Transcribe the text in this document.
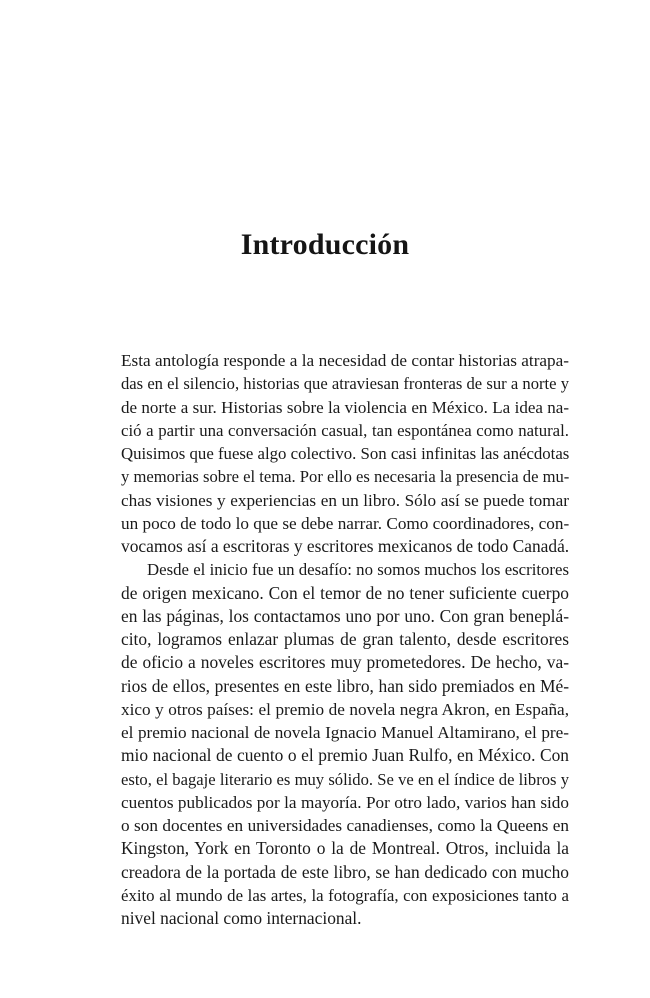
Introducción
Esta antología responde a la necesidad de contar historias atrapa-
das en el silencio, historias que atraviesan fronteras de sur a norte y
de norte a sur. Historias sobre la violencia en México. La idea na-
ció a partir una conversación casual, tan espontánea como natural.
Quisimos que fuese algo colectivo. Son casi infinitas las anécdotas
y memorias sobre el tema. Por ello es necesaria la presencia de mu-
chas visiones y experiencias en un libro. Sólo así se puede tomar
un poco de todo lo que se debe narrar. Como coordinadores, con-
vocamos así a escritoras y escritores mexicanos de todo Canadá.
Desde el inicio fue un desafío: no somos muchos los escritores
de origen mexicano. Con el temor de no tener suficiente cuerpo
en las páginas, los contactamos uno por uno. Con gran beneplá-
cito, logramos enlazar plumas de gran talento, desde escritores
de oficio a noveles escritores muy prometedores. De hecho, va-
rios de ellos, presentes en este libro, han sido premiados en Mé-
xico y otros países: el premio de novela negra Akron, en España,
el premio nacional de novela Ignacio Manuel Altamirano, el pre-
mio nacional de cuento o el premio Juan Rulfo, en México. Con
esto, el bagaje literario es muy sólido. Se ve en el índice de libros y
cuentos publicados por la mayoría. Por otro lado, varios han sido
o son docentes en universidades canadienses, como la Queens en
Kingston, York en Toronto o la de Montreal. Otros, incluida la
creadora de la portada de este libro, se han dedicado con mucho
éxito al mundo de las artes, la fotografía, con exposiciones tanto a
nivel nacional como internacional.
